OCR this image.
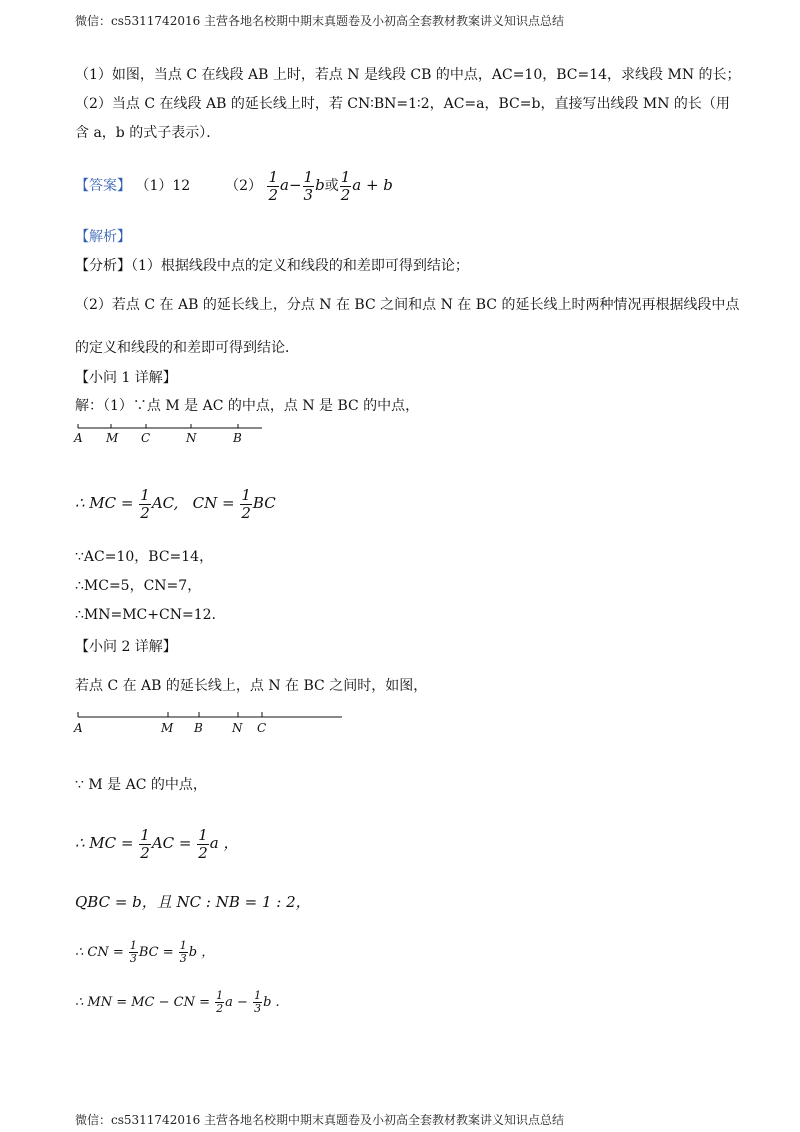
微信：cs5311742016 主营各地名校期中期末真题卷及小初高全套教材教案讲义知识点总结
（1）如图，当点 C 在线段 AB 上时，若点 N 是线段 CB 的中点，AC=10，BC=14，求线段 MN 的长；
（2）当点 C 在线段 AB 的延长线上时，若 CN∶BN=1∶2，AC=a，BC=b，直接写出线段 MN 的长（用
含 a，b 的式子表示）．
【答案】 （1）12 $(2) \frac{1}{2} a- \frac{1}{3}$ b或 $\frac{1}{2}$ a + b
【解析】
【分析】（1）根据线段中点的定义和线段的和差即可得到结论；
（2）若点 C 在 AB 的延长线上，分点 N 在 BC 之间和点 N 在 BC 的延长线上时两种情况再根据线段中点
的定义和线段的和差即可得到结论．
【小问 1 详解】
解：（1）∵点 M 是 AC 的中点，点 N 是 BC 的中点，
A M C	N	B
∴ MC = $\frac{1}{2}$ AC,   CN = $\frac{1}{2}$ BC
∵AC=10，BC=14，
∴MC=5，CN=7，
∴MN=MC+CN=12.
【小问 2 详解】
若点 C 在 AB 的延长线上，点 N 在 BC 之间时，如图，
A	M B N C
∵ M 是 AC 的中点，
∴ MC = $\frac{1}{2}$ AC = $\frac{1}{2}$ a ，
QBC = b，且 NC : NB = 1 : 2，
∴ CN = $\frac{1}{3}$ BC = $\frac{1}{3}$ b ，
∴ MN = MC − CN = $\frac{1}{2}$ $a - \frac{1}{3}$ b .
微信：cs5311742016 主营各地名校期中期末真题卷及小初高全套教材教案讲义知识点总结
